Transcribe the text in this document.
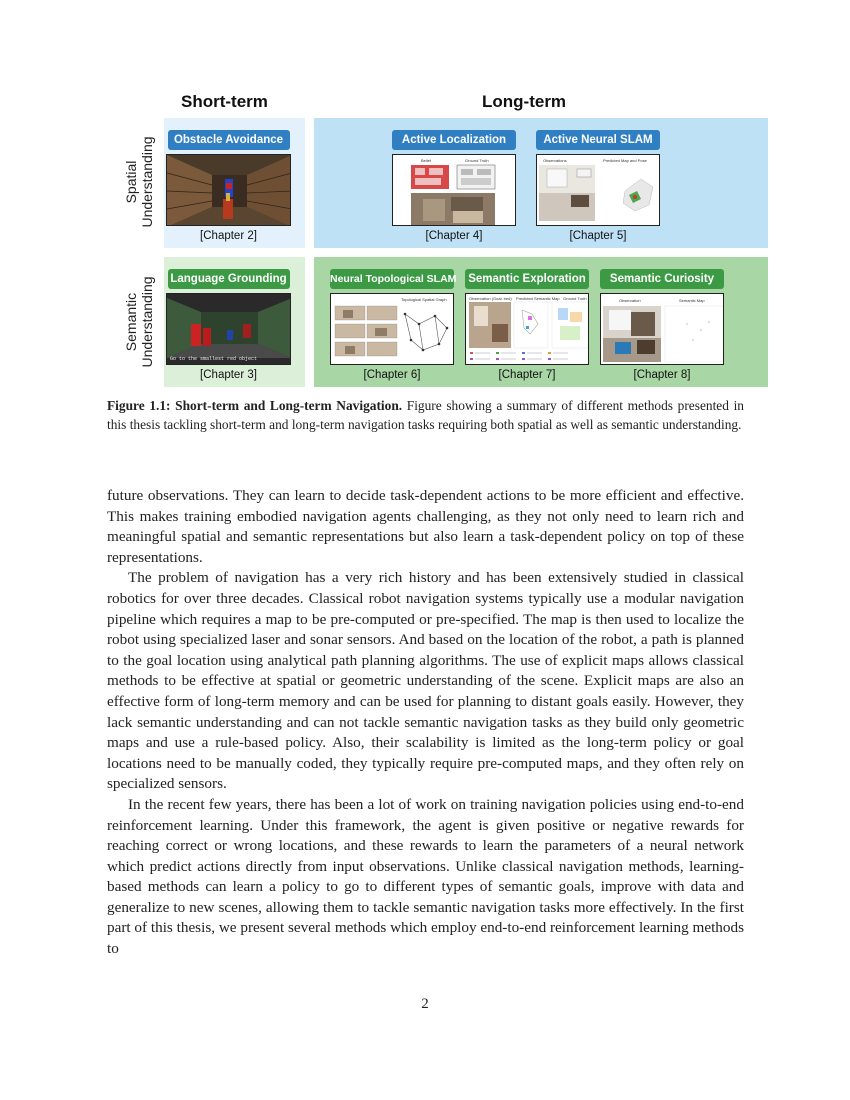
Short-term	Long-term
Spatial Understanding
Semantic Understanding
Obstacle Avoidance
[Chapter 2]
Active Localization
Belief	Ground Truth
[Chapter 4]
Active Neural SLAM
Observations	Predicted Map and Pose
[Chapter 5]
Language Grounding
Go to the smallest red object
[Chapter 3]
Neural Topological SLAM
Topological Spatial Graph
[Chapter 6]
Semantic Exploration
Observation (Goal: bed) Predicted Semantic Map Ground Truth
[Chapter 7]
Semantic Curiosity
Observation	Semantic Map
[Chapter 8]
Figure 1.1: Short-term and Long-term Navigation. Figure showing a summary of different methods presented in this thesis tackling short-term and long-term navigation tasks requiring both spatial as well as semantic understanding.

future observations. They can learn to decide task-dependent actions to be more efficient and effective. This makes training embodied navigation agents challenging, as they not only need to learn rich and meaningful spatial and semantic representations but also learn a task-dependent policy on top of these representations.

The problem of navigation has a very rich history and has been extensively studied in classical robotics for over three decades. Classical robot navigation systems typically use a modular navigation pipeline which requires a map to be pre-computed or pre-specified. The map is then used to localize the robot using specialized laser and sonar sensors. And based on the location of the robot, a path is planned to the goal location using analytical path planning algorithms. The use of explicit maps allows classical methods to be effective at spatial or geometric understanding of the scene. Explicit maps are also an effective form of long-term memory and can be used for planning to distant goals easily. However, they lack semantic understanding and can not tackle semantic navigation tasks as they build only geometric maps and use a rule-based policy. Also, their scalability is limited as the long-term policy or goal locations need to be manually coded, they typically require pre-computed maps, and they often rely on specialized sensors.

In the recent few years, there has been a lot of work on training navigation policies using end-to-end reinforcement learning. Under this framework, the agent is given positive or negative rewards for reaching correct or wrong locations, and these rewards to learn the parameters of a neural network which predict actions directly from input observations. Unlike classical navigation methods, learning-based methods can learn a policy to go to different types of semantic goals, improve with data and generalize to new scenes, allowing them to tackle semantic navigation tasks more effectively. In the first part of this thesis, we present several methods which employ end-to-end reinforcement learning methods to

2
